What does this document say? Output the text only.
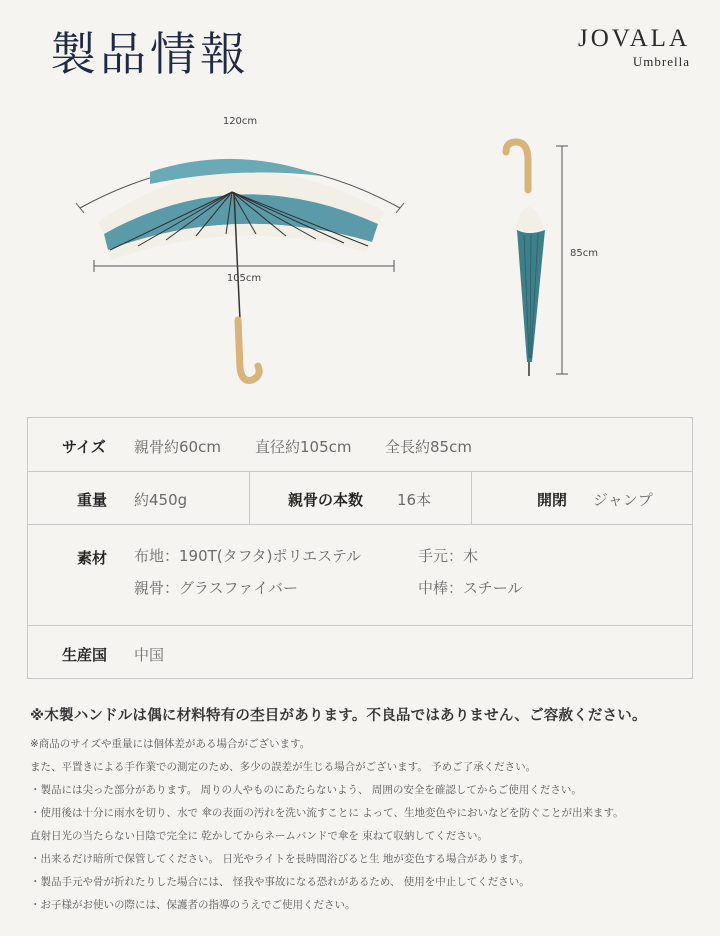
製品情報	JOVALA
Umbrella
120cm
105cm
85cm
サイズ 親骨約60cm 直径約105cm 全長約85cm

重量 約450g	親骨の本数 16本	開閉 ジャンプ

素材 布地：190T(タフタ)ポリエステル	手元：木
親骨：グラスファイバー	中棒：スチール

生産国 中国

※木製ハンドルは偶に材料特有の杢目があります。不良品ではありません、ご容赦ください。

※商品のサイズや重量には個体差がある場合がございます。

また、平置きによる手作業での測定のため、多少の誤差が生じる場合がございます。 予めご了承ください。

・製品には尖った部分があります。 周りの人やものにあたらないよう、 周囲の安全を確認してからご使用ください。

・使用後は十分に雨水を切り、水で 傘の表面の汚れを洗い流すことに よって、生地変色やにおいなどを防ぐことが出来ます。

直射日光の当たらない日陰で完全に 乾かしてからネームバンドで傘を 束ねて収納してください。

・出来るだけ暗所で保管してください。 日光やライトを長時間浴びると生 地が変色する場合があります。

・製品手元や骨が折れたりした場合には、 怪我や事故になる恐れがあるため、 使用を中止してください。

・お子様がお使いの際には、保護者の指導のうえでご使用ください。
